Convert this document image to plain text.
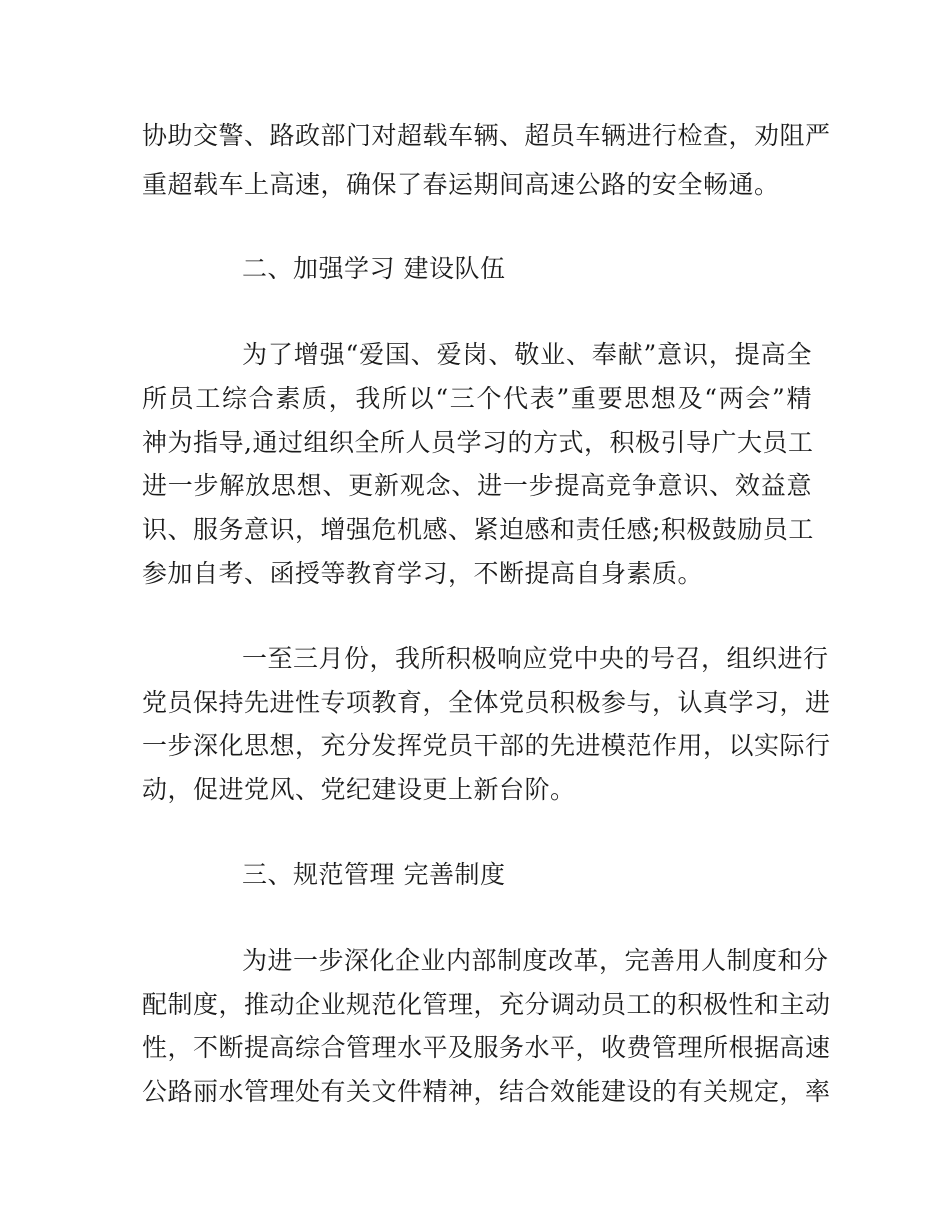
协助交警、路政部门对超载车辆、超员车辆进行检查，劝阻严
重超载车上高速，确保了春运期间高速公路的安全畅通。
二、加强学习 建设队伍
为了增强“爱国、爱岗、敬业、奉献”意识，提高全
所员工综合素质，我所以“三个代表”重要思想及“两会”精
神为指导,通过组织全所人员学习的方式，积极引导广大员工
进一步解放思想、更新观念、进一步提高竞争意识、效益意
识、服务意识，增强危机感、紧迫感和责任感;积极鼓励员工
参加自考、函授等教育学习，不断提高自身素质。
一至三月份，我所积极响应党中央的号召，组织进行
党员保持先进性专项教育，全体党员积极参与，认真学习，进
一步深化思想，充分发挥党员干部的先进模范作用，以实际行
动，促进党风、党纪建设更上新台阶。
三、规范管理 完善制度
为进一步深化企业内部制度改革，完善用人制度和分
配制度，推动企业规范化管理，充分调动员工的积极性和主动
性，不断提高综合管理水平及服务水平，收费管理所根据高速
公路丽水管理处有关文件精神，结合效能建设的有关规定，率
